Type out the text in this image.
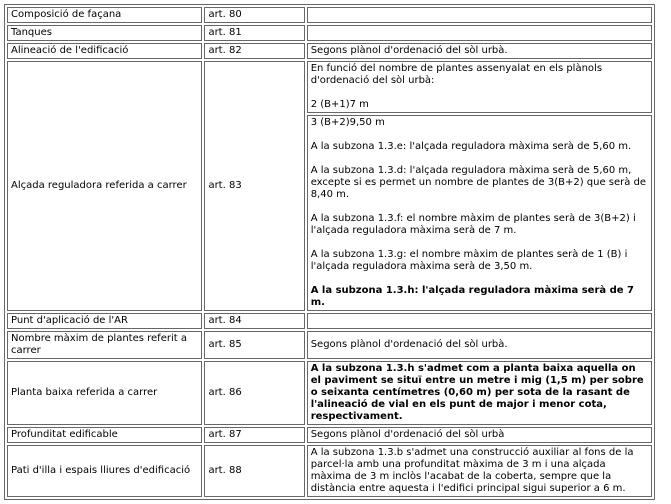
Composició de façana	art. 80	

Tanques	art. 81	

Alineació de l'edificació	art. 82	Segons plànol d'ordenació del sòl urbà.

Alçada reguladora referida a carrer	art. 83	En funció del nombre de plantes assenyalat en els plànols d'ordenació del sòl urbà:

2 (B+1)7 m

3 (B+2)9,50 m

A la subzona 1.3.e: l'alçada reguladora màxima serà de 5,60 m.

A la subzona 1.3.d: l'alçada reguladora màxima serà de 5,60 m, excepte si es permet un nombre de plantes de 3(B+2) que serà de 8,40 m.

A la subzona 1.3.f: el nombre màxim de plantes serà de 3(B+2) i l'alçada reguladora màxima serà de 7 m.

A la subzona 1.3.g: el nombre màxim de plantes serà de 1 (B) i l'alçada reguladora màxima serà de 3,50 m.

A la subzona 1.3.h: l'alçada reguladora màxima serà de 7 m.

Punt d'aplicació de l'AR	art. 84	

Nombre màxim de plantes referit a carrer	art. 85	Segons plànol d'ordenació del sòl urbà.

Planta baixa referida a carrer	art. 86	A la subzona 1.3.h s'admet com a planta baixa aquella on el paviment se situï entre un metre i mig (1,5 m) per sobre o seixanta centímetres (0,60 m) per sota de la rasant de l'alineació de vial en els punt de major i menor cota, respectivament.

Profunditat edificable	art. 87	Segons plànol d'ordenació del sòl urbà

Pati d'illa i espais lliures d'edificació	art. 88	A la subzona 1.3.b s'admet una construcció auxiliar al fons de la parcel·la amb una profunditat màxima de 3 m i una alçada màxima de 3 m inclòs l'acabat de la coberta, sempre que la distància entre aquesta i l'edifici principal sigui superior a 6 m.
